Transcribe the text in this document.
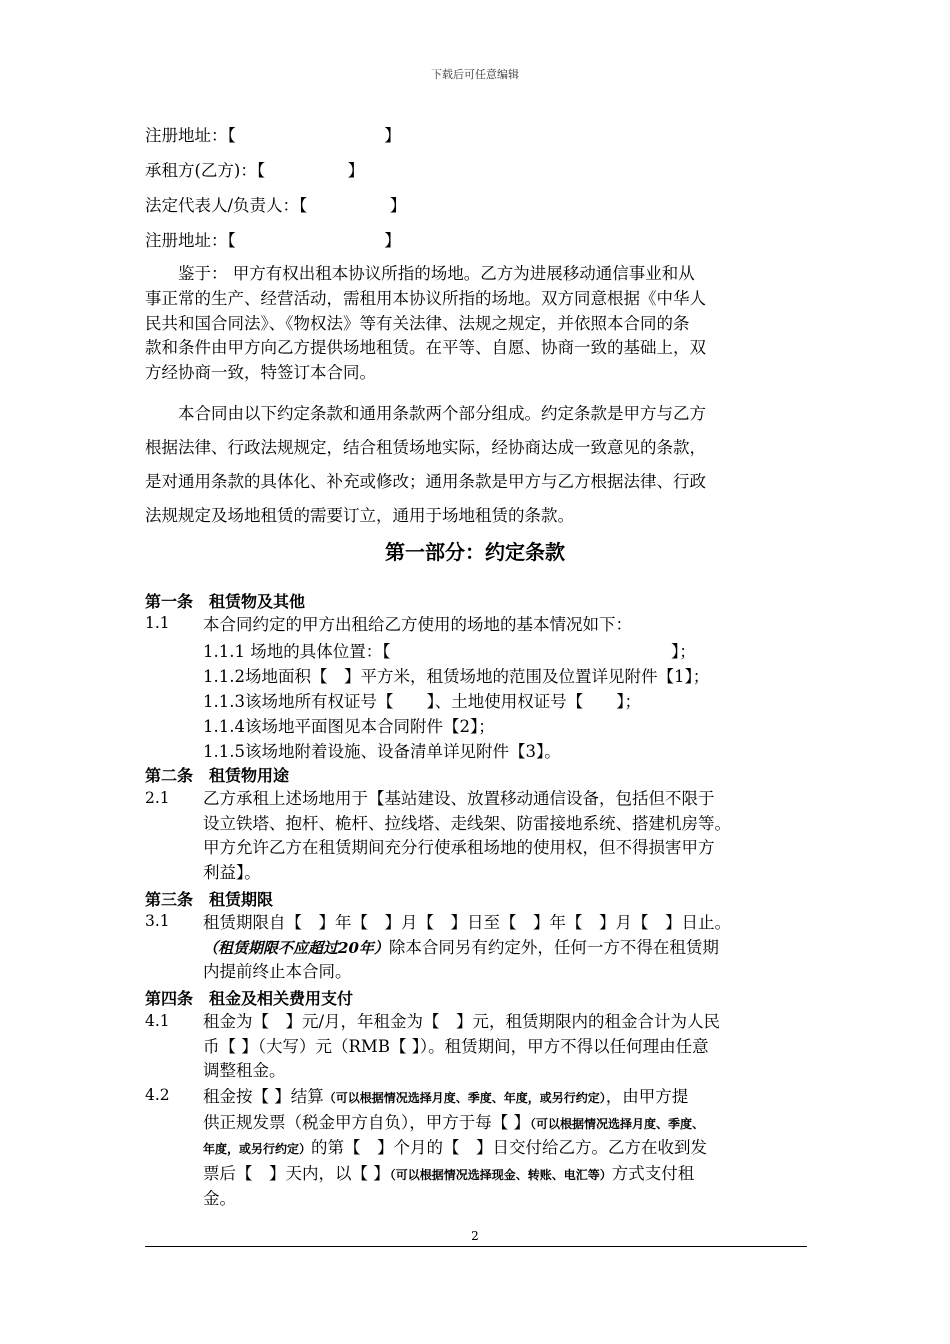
下载后可任意编辑
注册地址：【　　　　　　　　　】
承租方(乙方)：【　　　　　】
法定代表人/负责人：【　　　　　】
注册地址：【　　　　　　　　　】

　　鉴于： 甲方有权出租本协议所指的场地。乙方为进展移动通信事业和从

事正常的生产、经营活动，需租用本协议所指的场地。双方同意根据《中华人

民共和国合同法》、《物权法》等有关法律、法规之规定，并依照本合同的条

款和条件由甲方向乙方提供场地租赁。在平等、自愿、协商一致的基础上，双

方经协商一致，特签订本合同。

　　本合同由以下约定条款和通用条款两个部分组成。约定条款是甲方与乙方

根据法律、行政法规规定，结合租赁场地实际，经协商达成一致意见的条款，

是对通用条款的具体化、补充或修改；通用条款是甲方与乙方根据法律、行政

法规规定及场地租赁的需要订立，通用于场地租赁的条款。

第一部分：约定条款
第一条　租赁物及其他
1.1 本合同约定的甲方出租给乙方使用的场地的基本情况如下：
1.1.1 场地的具体位置：【　　　　　　　　　　　　　　　　　】；
1.1.2场地面积【　】平方米，租赁场地的范围及位置详见附件【1】；
1.1.3该场地所有权证号【　　】、土地使用权证号【　　】；
1.1.4该场地平面图见本合同附件【2】；
1.1.5该场地附着设施、设备清单详见附件【3】。
第二条　租赁物用途
2.1 乙方承租上述场地用于【基站建设、放置移动通信设备，包括但不限于
设立铁塔、抱杆、桅杆、拉线塔、走线架、防雷接地系统、搭建机房等。
甲方允许乙方在租赁期间充分行使承租场地的使用权，但不得损害甲方
利益】。
第三条　租赁期限
3.1 租赁期限自【　】年【　】月【　】日至【　】年【　】月【　】日止。
（租赁期限不应超过20年）除本合同另有约定外，任何一方不得在租赁期
内提前终止本合同。
第四条　租金及相关费用支付
4.1 租金为【　】元/月，年租金为【　】元，租赁期限内的租金合计为人民
币【 】（大写）元（RMB【 】）。租赁期间，甲方不得以任何理由任意
调整租金。
4.2 租金按【 】结算（可以根据情况选择月度、季度、年度，或另行约定），由甲方提
供正规发票（税金甲方自负），甲方于每【 】（可以根据情况选择月度、季度、
年度，或另行约定）的第【　】个月的【　】日交付给乙方。乙方在收到发
票后【　】天内，以【 】（可以根据情况选择现金、转账、电汇等）方式支付租
金。
2
